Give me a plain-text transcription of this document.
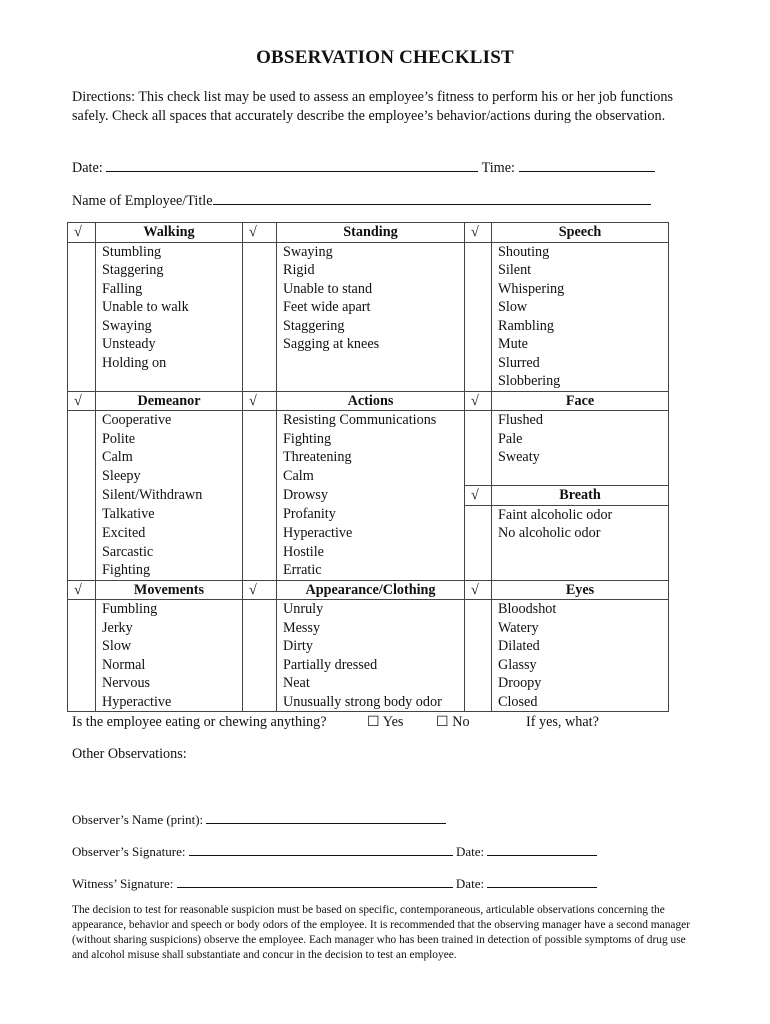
OBSERVATION CHECKLIST
Directions: This check list may be used to assess an employee’s fitness to perform his or her job functions safely. Check all spaces that accurately describe the employee’s behavior/actions during the observation.
Date:	Time:
Name of Employee/Title
√	Walking	√	Standing	√	Speech
	Stumbling		Swaying		Shouting
	Staggering		Rigid		Silent
	Falling		Unable to stand		Whispering
	Unable to walk		Feet wide apart		Slow
	Swaying		Staggering		Rambling
	Unsteady		Sagging at knees		Mute
	Holding on				Slurred
					Slobbering
√	Demeanor	√	Actions	√	Face
	Cooperative		Resisting Communications		Flushed
	Polite		Fighting		Pale
	Calm		Threatening		Sweaty
	Sleepy		Calm		
	Silent/Withdrawn		Drowsy	√	Breath
	Talkative		Profanity		Faint alcoholic odor
	Excited		Hyperactive		No alcoholic odor
	Sarcastic		Hostile		
	Fighting		Erratic		
√	Movements	√	Appearance/Clothing	√	Eyes
	Fumbling		Unruly		Bloodshot
	Jerky		Messy		Watery
	Slow		Dirty		Dilated
	Normal		Partially dressed		Glassy
	Nervous		Neat		Droopy
	Hyperactive		Unusually strong body odor		Closed
Is the employee eating or chewing anything?	☐ Yes ☐ No	If yes, what?
Other Observations:
Observer’s Name (print):
Observer’s Signature:	Date:
Witness’ Signature:	Date:
The decision to test for reasonable suspicion must be based on specific, contemporaneous, articulable observations concerning the appearance, behavior and speech or body odors of the employee. It is recommended that the observing manager have a second manager (without sharing suspicions) observe the employee. Each manager who has been trained in detection of possible symptoms of drug use and alcohol misuse shall substantiate and concur in the decision to test an employee.
